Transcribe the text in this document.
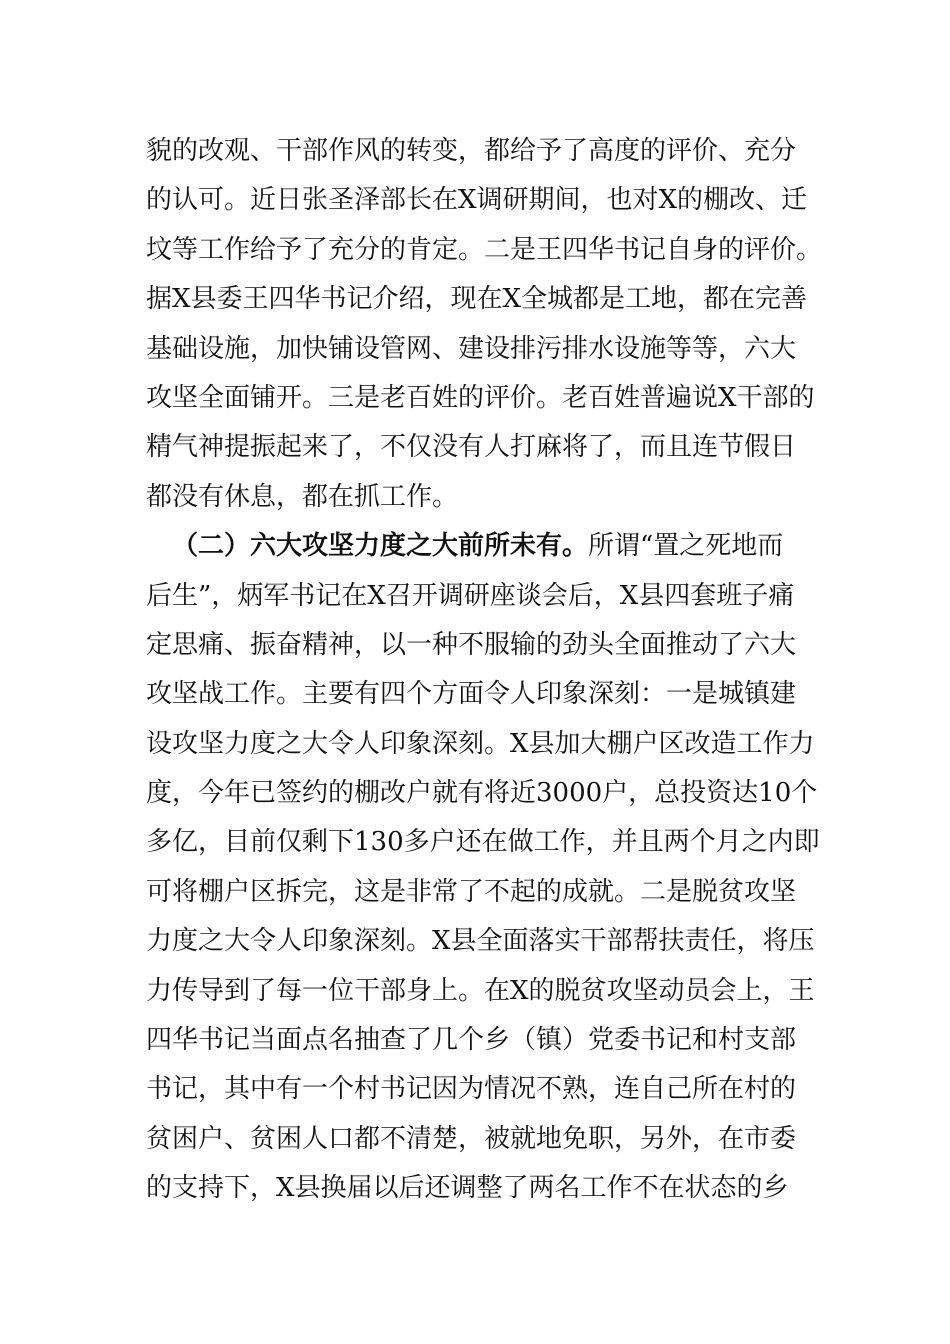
貌的改观、干部作风的转变，都给予了高度的评价、充分
的认可。近日张圣泽部长在X调研期间，也对X的棚改、迁
坟等工作给予了充分的肯定。二是王四华书记自身的评价。
据X县委王四华书记介绍，现在X全城都是工地，都在完善
基础设施，加快铺设管网、建设排污排水设施等等，六大
攻坚全面铺开。三是老百姓的评价。老百姓普遍说X干部的
精气神提振起来了，不仅没有人打麻将了，而且连节假日
都没有休息，都在抓工作。
（二）六大攻坚力度之大前所未有。所谓“置之死地而
后生”，炳军书记在X召开调研座谈会后，X县四套班子痛
定思痛、振奋精神，以一种不服输的劲头全面推动了六大
攻坚战工作。主要有四个方面令人印象深刻：一是城镇建
设攻坚力度之大令人印象深刻。X县加大棚户区改造工作力
度，今年已签约的棚改户就有将近3000户，总投资达10个
多亿，目前仅剩下130多户还在做工作，并且两个月之内即
可将棚户区拆完，这是非常了不起的成就。二是脱贫攻坚
力度之大令人印象深刻。X县全面落实干部帮扶责任，将压
力传导到了每一位干部身上。在X的脱贫攻坚动员会上，王
四华书记当面点名抽查了几个乡（镇）党委书记和村支部
书记，其中有一个村书记因为情况不熟，连自己所在村的
贫困户、贫困人口都不清楚，被就地免职，另外，在市委
的支持下，X县换届以后还调整了两名工作不在状态的乡
